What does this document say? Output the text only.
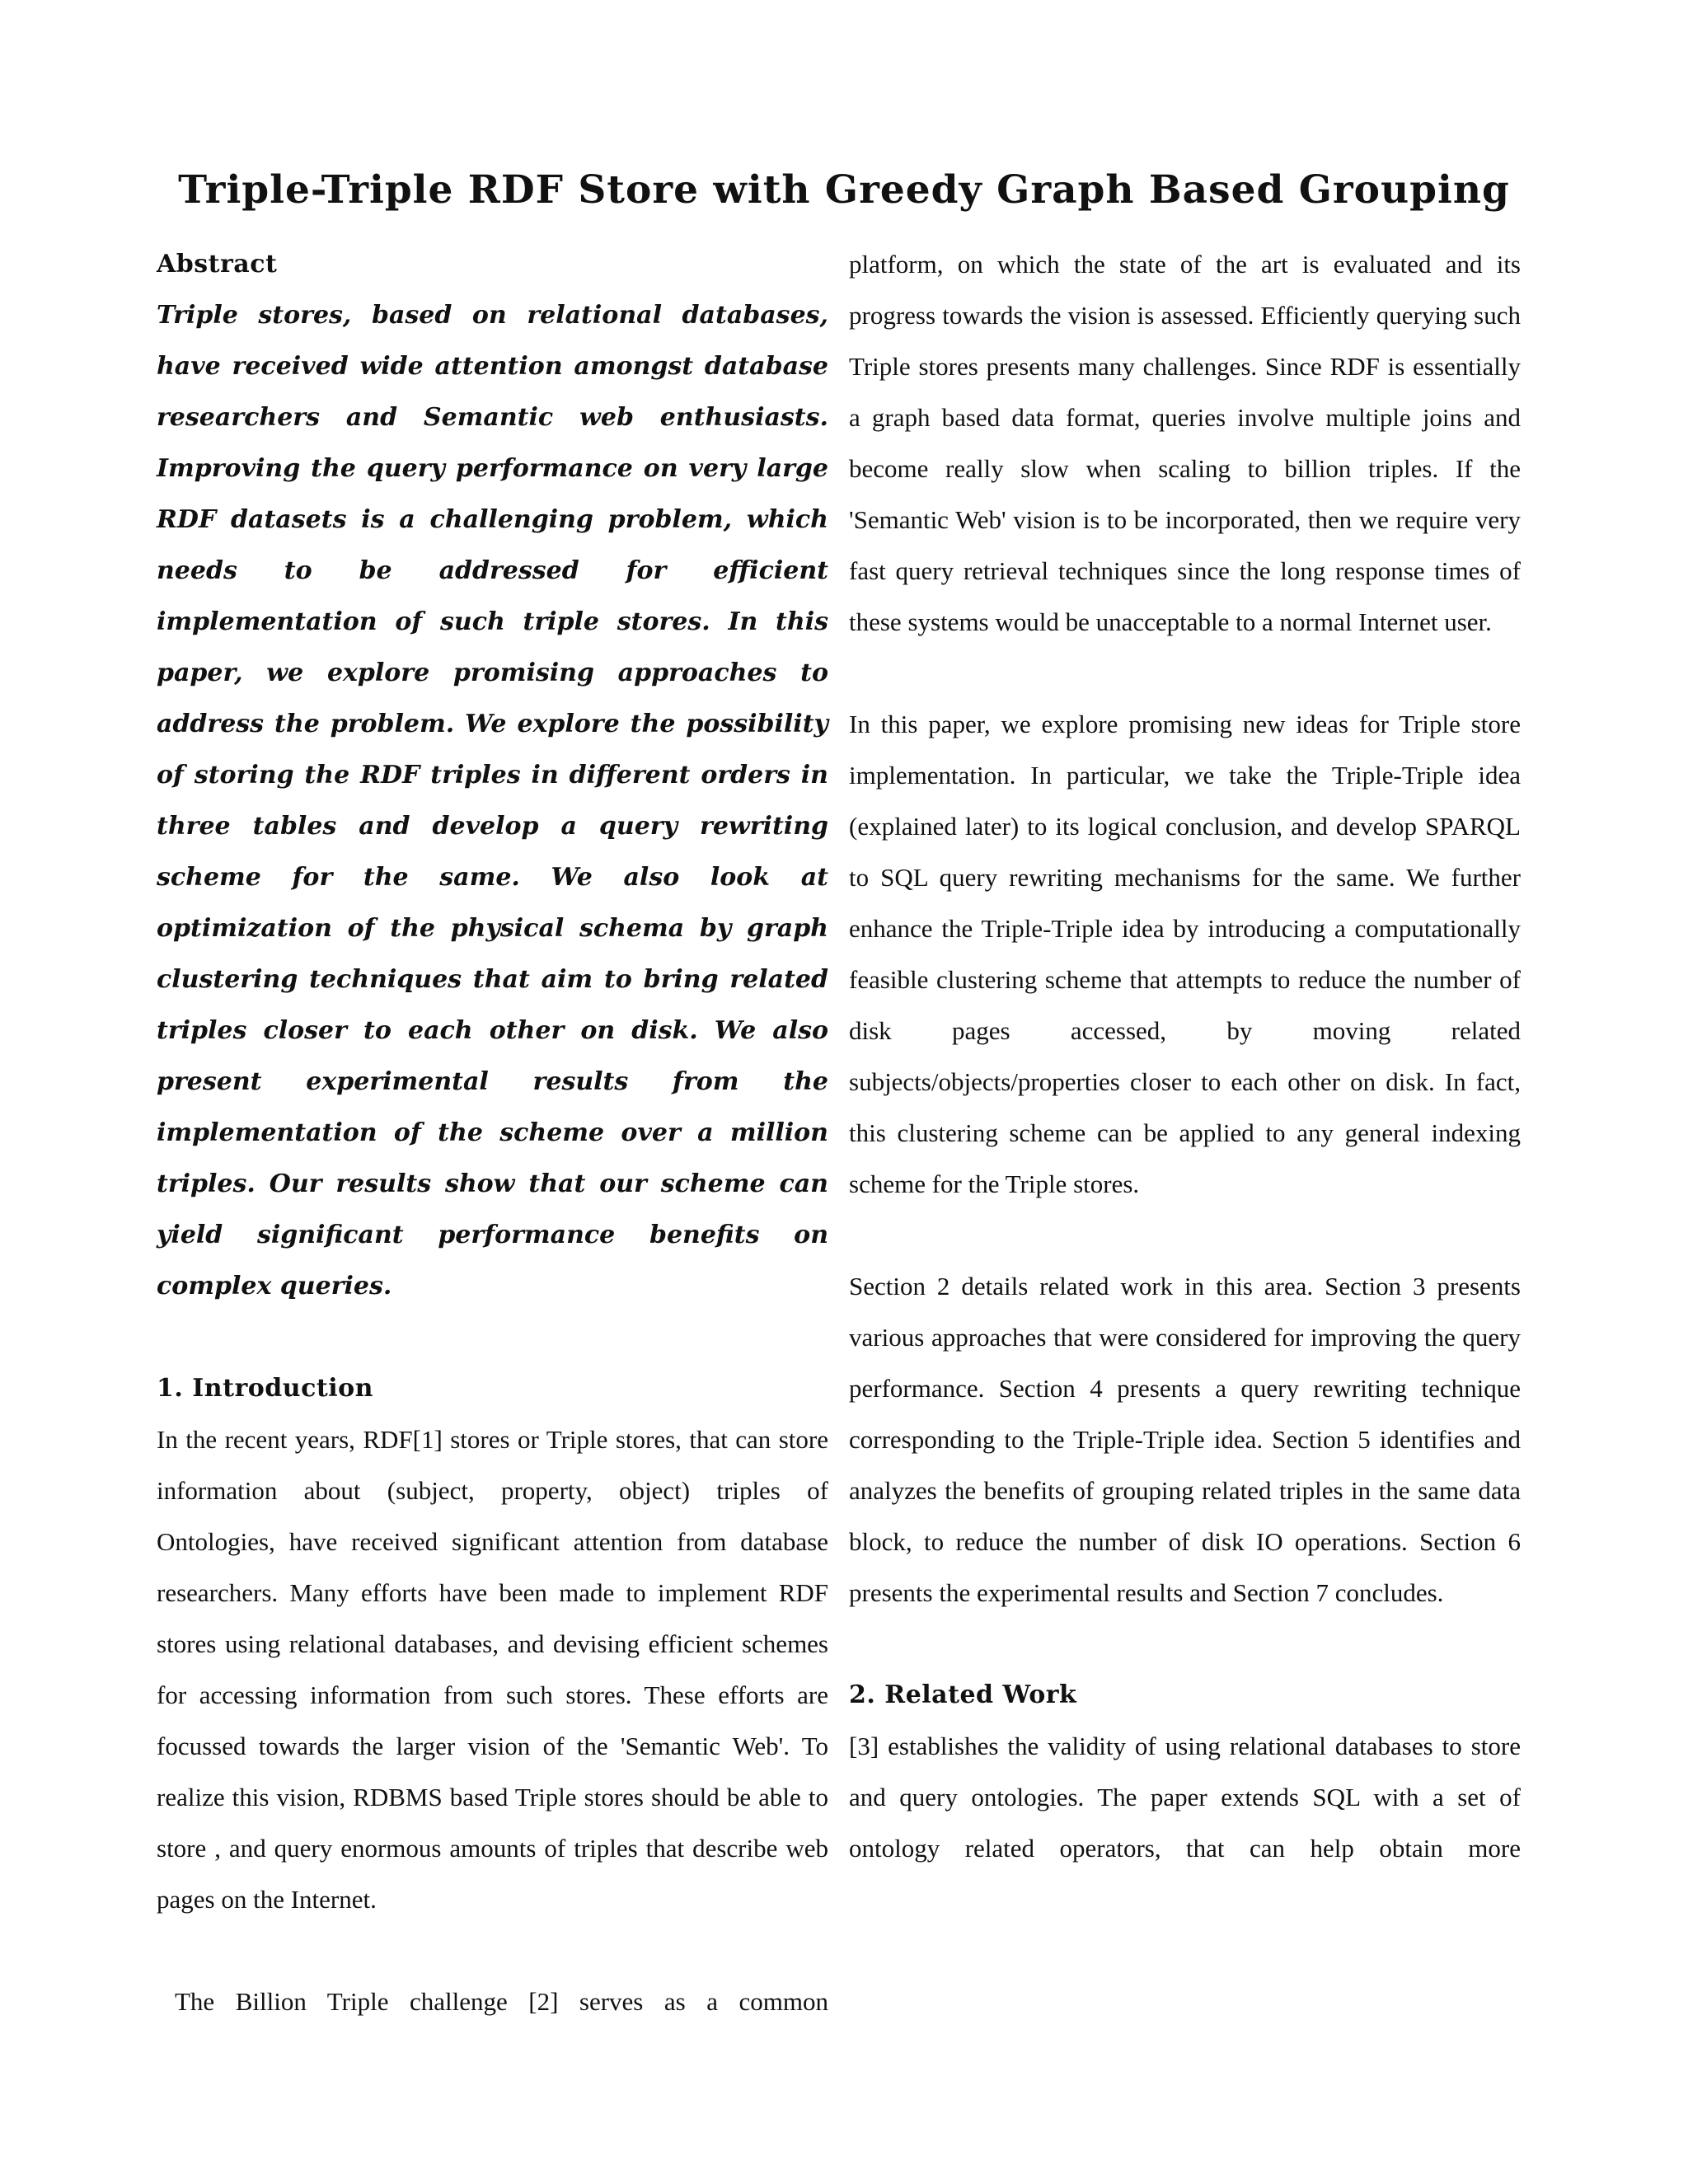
Triple-Triple RDF Store with Greedy Graph Based Grouping
Abstract

Triple stores, based on relational databases, have received wide attention amongst database researchers and Semantic web enthusiasts. Improving the query performance on very large RDF datasets is a challenging problem, which needs to be addressed for efficient implementation of such triple stores. In this paper, we explore promising approaches to address the problem. We explore the possibility of storing the RDF triples in different orders in three tables and develop a query rewriting scheme for the same. We also look at optimization of the physical schema by graph clustering techniques that aim to bring related triples closer to each other on disk. We also present experimental results from the implementation of the scheme over a million triples. Our results show that our scheme can yield significant performance benefits on complex queries.

1. Introduction

In the recent years, RDF[1] stores or Triple stores, that can store information about (subject, property, object) triples of Ontologies, have received significant attention from database researchers. Many efforts have been made to implement RDF stores using relational databases, and devising efficient schemes for accessing information from such stores. These efforts are focussed towards the larger vision of the 'Semantic Web'. To realize this vision, RDBMS based Triple stores should be able to store , and query enormous amounts of triples that describe web pages on the Internet.

The Billion Triple challenge [2] serves as a common

platform, on which the state of the art is evaluated and its progress towards the vision is assessed. Efficiently querying such Triple stores presents many challenges. Since RDF is essentially a graph based data format, queries involve multiple joins and become really slow when scaling to billion triples. If the 'Semantic Web' vision is to be incorporated, then we require very fast query retrieval techniques since the long response times of these systems would be unacceptable to a normal Internet user.

In this paper, we explore promising new ideas for Triple store implementation. In particular, we take the Triple-Triple idea (explained later) to its logical conclusion, and develop SPARQL to SQL query rewriting mechanisms for the same. We further enhance the Triple-Triple idea by introducing a computationally feasible clustering scheme that attempts to reduce the number of disk pages accessed, by moving related subjects/objects/properties closer to each other on disk. In fact, this clustering scheme can be applied to any general indexing scheme for the Triple stores.

Section 2 details related work in this area. Section 3 presents various approaches that were considered for improving the query performance. Section 4 presents a query rewriting technique corresponding to the Triple-Triple idea. Section 5 identifies and analyzes the benefits of grouping related triples in the same data block, to reduce the number of disk IO operations. Section 6 presents the experimental results and Section 7 concludes.

2. Related Work

[3] establishes the validity of using relational databases to store and query ontologies. The paper extends SQL with a set of ontology related operators, that can help obtain more
